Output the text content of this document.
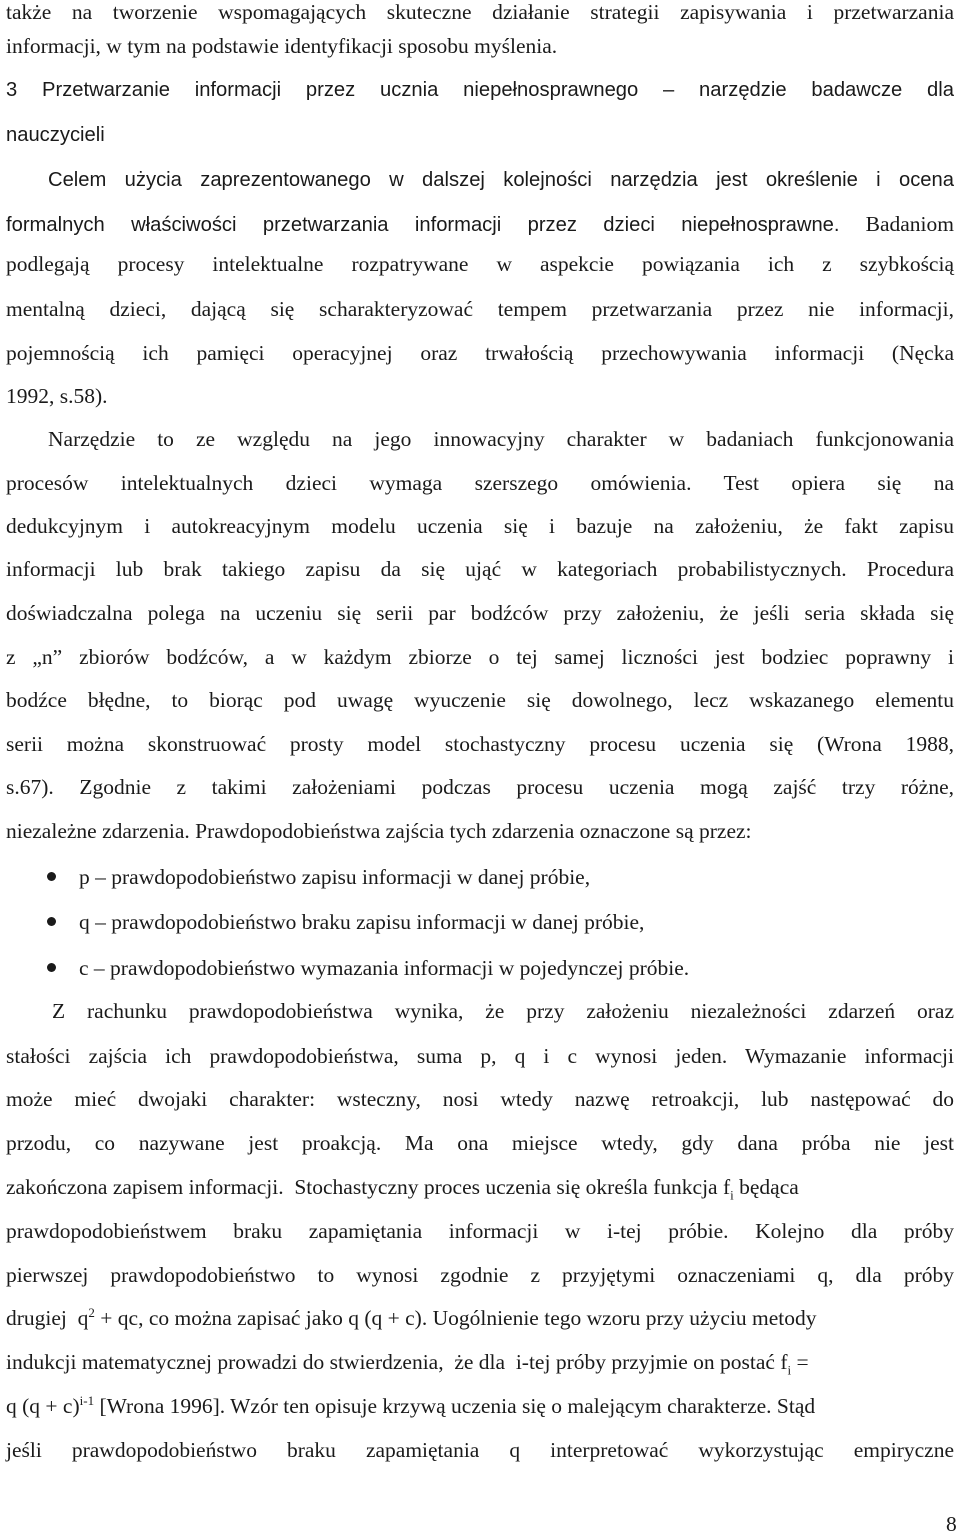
także na tworzenie wspomagających skuteczne działanie strategii zapisywania i przetwarzania
informacji, w tym na podstawie identyfikacji sposobu myślenia.
3 Przetwarzanie informacji przez ucznia niepełnosprawnego – narzędzie badawcze dla
nauczycieli
Celem użycia zaprezentowanego w dalszej kolejności narzędzia jest określenie i ocena
formalnych właściwości przetwarzania informacji przez dzieci niepełnosprawne. Badaniom
podlegają procesy intelektualne rozpatrywane w aspekcie powiązania ich z szybkością
mentalną dzieci, dającą się scharakteryzować tempem przetwarzania przez nie informacji,
pojemnością ich pamięci operacyjnej oraz trwałością przechowywania informacji (Nęcka
1992, s.58).
Narzędzie to ze względu na jego innowacyjny charakter w badaniach funkcjonowania
procesów intelektualnych dzieci wymaga szerszego omówienia. Test opiera się na
dedukcyjnym i autokreacyjnym modelu uczenia się i bazuje na założeniu, że fakt zapisu
informacji lub brak takiego zapisu da się ująć w kategoriach probabilistycznych. Procedura
doświadczalna polega na uczeniu się serii par bodźców przy założeniu, że jeśli seria składa się
z „n” zbiorów bodźców, a w każdym zbiorze o tej samej liczności jest bodziec poprawny i
bodźce błędne, to biorąc pod uwagę wyuczenie się dowolnego, lecz wskazanego elementu
serii można skonstruować prosty model stochastyczny procesu uczenia się (Wrona 1988,
s.67). Zgodnie z takimi założeniami podczas procesu uczenia mogą zajść trzy różne,
niezależne zdarzenia. Prawdopodobieństwa zajścia tych zdarzenia oznaczone są przez:
p – prawdopodobieństwo zapisu informacji w danej próbie,
q – prawdopodobieństwo braku zapisu informacji w danej próbie,
c – prawdopodobieństwo wymazania informacji w pojedynczej próbie.
Z rachunku prawdopodobieństwa wynika, że przy założeniu niezależności zdarzeń oraz
stałości zajścia ich prawdopodobieństwa, suma p, q i c wynosi jeden. Wymazanie informacji
może mieć dwojaki charakter: wsteczny, nosi wtedy nazwę retroakcji, lub następować do
przodu, co nazywane jest proakcją. Ma ona miejsce wtedy, gdy dana próba nie jest
zakończona zapisem informacji.  Stochastyczny proces uczenia się określa funkcja $f_i$ będąca
prawdopodobieństwem braku zapamiętania informacji w i-tej próbie. Kolejno dla próby
pierwszej prawdopodobieństwo to wynosi zgodnie z przyjętymi oznaczeniami q, dla próby
drugiej  $q^2$ + qc, co można zapisać jako q (q + c). Uogólnienie tego wzoru przy użyciu metody
indukcji matematycznej prowadzi do stwierdzenia,  że dla  i-tej próby przyjmie on postać $f_i$ =
q $(q + c)^{i-1}$ [Wrona 1996]. Wzór ten opisuje krzywą uczenia się o malejącym charakterze. Stąd
jeśli prawdopodobieństwo braku zapamiętania q interpretować wykorzystując empiryczne
8
